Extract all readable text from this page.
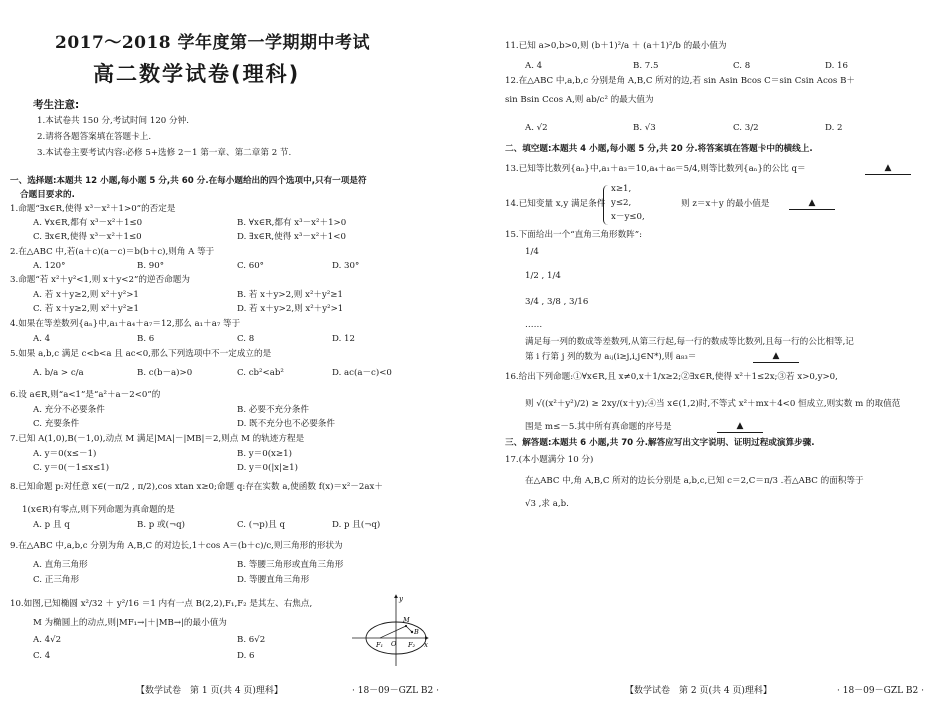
2017～2018 学年度第一学期期中考试
高二数学试卷(理科)
考生注意:
1.本试卷共 150 分,考试时间 120 分钟.
2.请将各题答案填在答题卡上.
3.本试卷主要考试内容:必修 5+选修 2－1 第一章、第二章第 2 节.
一、选择题:本题共 12 小题,每小题 5 分,共 60 分.在每小题给出的四个选项中,只有一项是符
合题目要求的.
1.命题“∃x∈R,使得 x³－x²＋1>0”的否定是
A. ∀x∈R,都有 x³－x²＋1≤0	B. ∀x∈R,都有 x³－x²＋1>0
C. ∃x∈R,使得 x³－x²＋1≤0	D. ∃x∈R,使得 x³－x²＋1<0
2.在△ABC 中,若(a＋c)(a－c)＝b(b＋c),则角 A 等于
A. 120°	B. 90°	C. 60°	D. 30°
3.命题“若 x²＋y²<1,则 x＋y<2”的逆否命题为
A. 若 x＋y≥2,则 x²＋y²>1	B. 若 x＋y>2,则 x²＋y²≥1
C. 若 x＋y≥2,则 x²＋y²≥1	D. 若 x＋y>2,则 x²＋y²>1
4.如果在等差数列{aₙ}中,a₁＋a₄＋a₇＝12,那么 a₁＋a₇ 等于
A. 4	B. 6	C. 8	D. 12
5.如果 a,b,c 满足 c<b<a 且 ac<0,那么下列选项中不一定成立的是
A. b/a > c/a	B. c(b－a)>0	C. cb²<ab²	D. ac(a－c)<0
6.设 a∈R,则“a<1”是“a²＋a－2<0”的
A. 充分不必要条件	B. 必要不充分条件
C. 充要条件	D. 既不充分也不必要条件
7.已知 A(1,0),B(－1,0),动点 M 满足|MA|－|MB|＝2,则点 M 的轨迹方程是
A. y＝0(x≤－1)	B. y＝0(x≥1)
C. y＝0(－1≤x≤1)	D. y＝0(|x|≥1)
8.已知命题 p:对任意 x∈(－π/2 , π/2),cos xtan x≥0;命题 q:存在实数 a,使函数 f(x)＝x²－2ax＋
1(x∈R)有零点,则下列命题为真命题的是
A. p 且 q	B. p 或(¬q)	C. (¬p)且 q	D. p 且(¬q)
9.在△ABC 中,a,b,c 分别为角 A,B,C 的对边长,1＋cos A＝(b＋c)/c,则三角形的形状为
A. 直角三角形	B. 等腰三角形或直角三角形
C. 正三角形	D. 等腰直角三角形
10.如图,已知椭圆 x²/32 ＋ y²/16 ＝1 内有一点 B(2,2),F₁,F₂ 是其左、右焦点,
M 为椭圆上的动点,则|MF₁→|＋|MB→|的最小值为
A. 4√2	B. 6√2
C. 4	D. 6
y
x
O
F₁	F₂
M
B
【数学试卷　第 1 页(共 4 页)理科】	· 18－09－GZL B2 ·
11.已知 a>0,b>0,则 (b＋1)²/a ＋ (a＋1)²/b 的最小值为
A. 4	B. 7.5	C. 8	D. 16
12.在△ABC 中,a,b,c 分别是角 A,B,C 所对的边,若 sin Asin Bcos C＝sin Csin Acos B＋
sin Bsin Ccos A,则 ab/c² 的最大值为
A. √2	B. √3	C. 3/2	D. 2
二、填空题:本题共 4 小题,每小题 5 分,共 20 分.将答案填在答题卡中的横线上.
13.已知等比数列{aₙ}中,a₁＋a₃＝10,a₄＋a₆＝5/4,则等比数列{aₙ}的公比 q＝	▲
14.已知变量 x,y 满足条件
x≥1,
y≤2,
x－y≤0,
则 z＝x＋y 的最小值是	▲
15.下面给出一个“直角三角形数阵”:
1/4
1/2 , 1/4
3/4 , 3/8 , 3/16
……
满足每一列的数成等差数列,从第三行起,每一行的数成等比数列,且每一行的公比相等,记
第 i 行第 j 列的数为 aᵢⱼ(i≥j,i,j∈N*),则 a₈₃＝	▲
16.给出下列命题:①∀x∈R,且 x≠0,x＋1/x≥2;②∃x∈R,使得 x²＋1≤2x;③若 x>0,y>0,
则 √((x²＋y²)/2) ≥ 2xy/(x＋y);④当 x∈(1,2)时,不等式 x²＋mx＋4<0 恒成立,则实数 m 的取值范
围是 m≤－5.其中所有真命题的序号是	▲
三、解答题:本题共 6 小题,共 70 分.解答应写出文字说明、证明过程或演算步骤.
17.(本小题满分 10 分)
在△ABC 中,角 A,B,C 所对的边长分别是 a,b,c,已知 c＝2,C＝π/3 .若△ABC 的面积等于
√3 ,求 a,b.
【数学试卷　第 2 页(共 4 页)理科】	· 18－09－GZL B2 ·
